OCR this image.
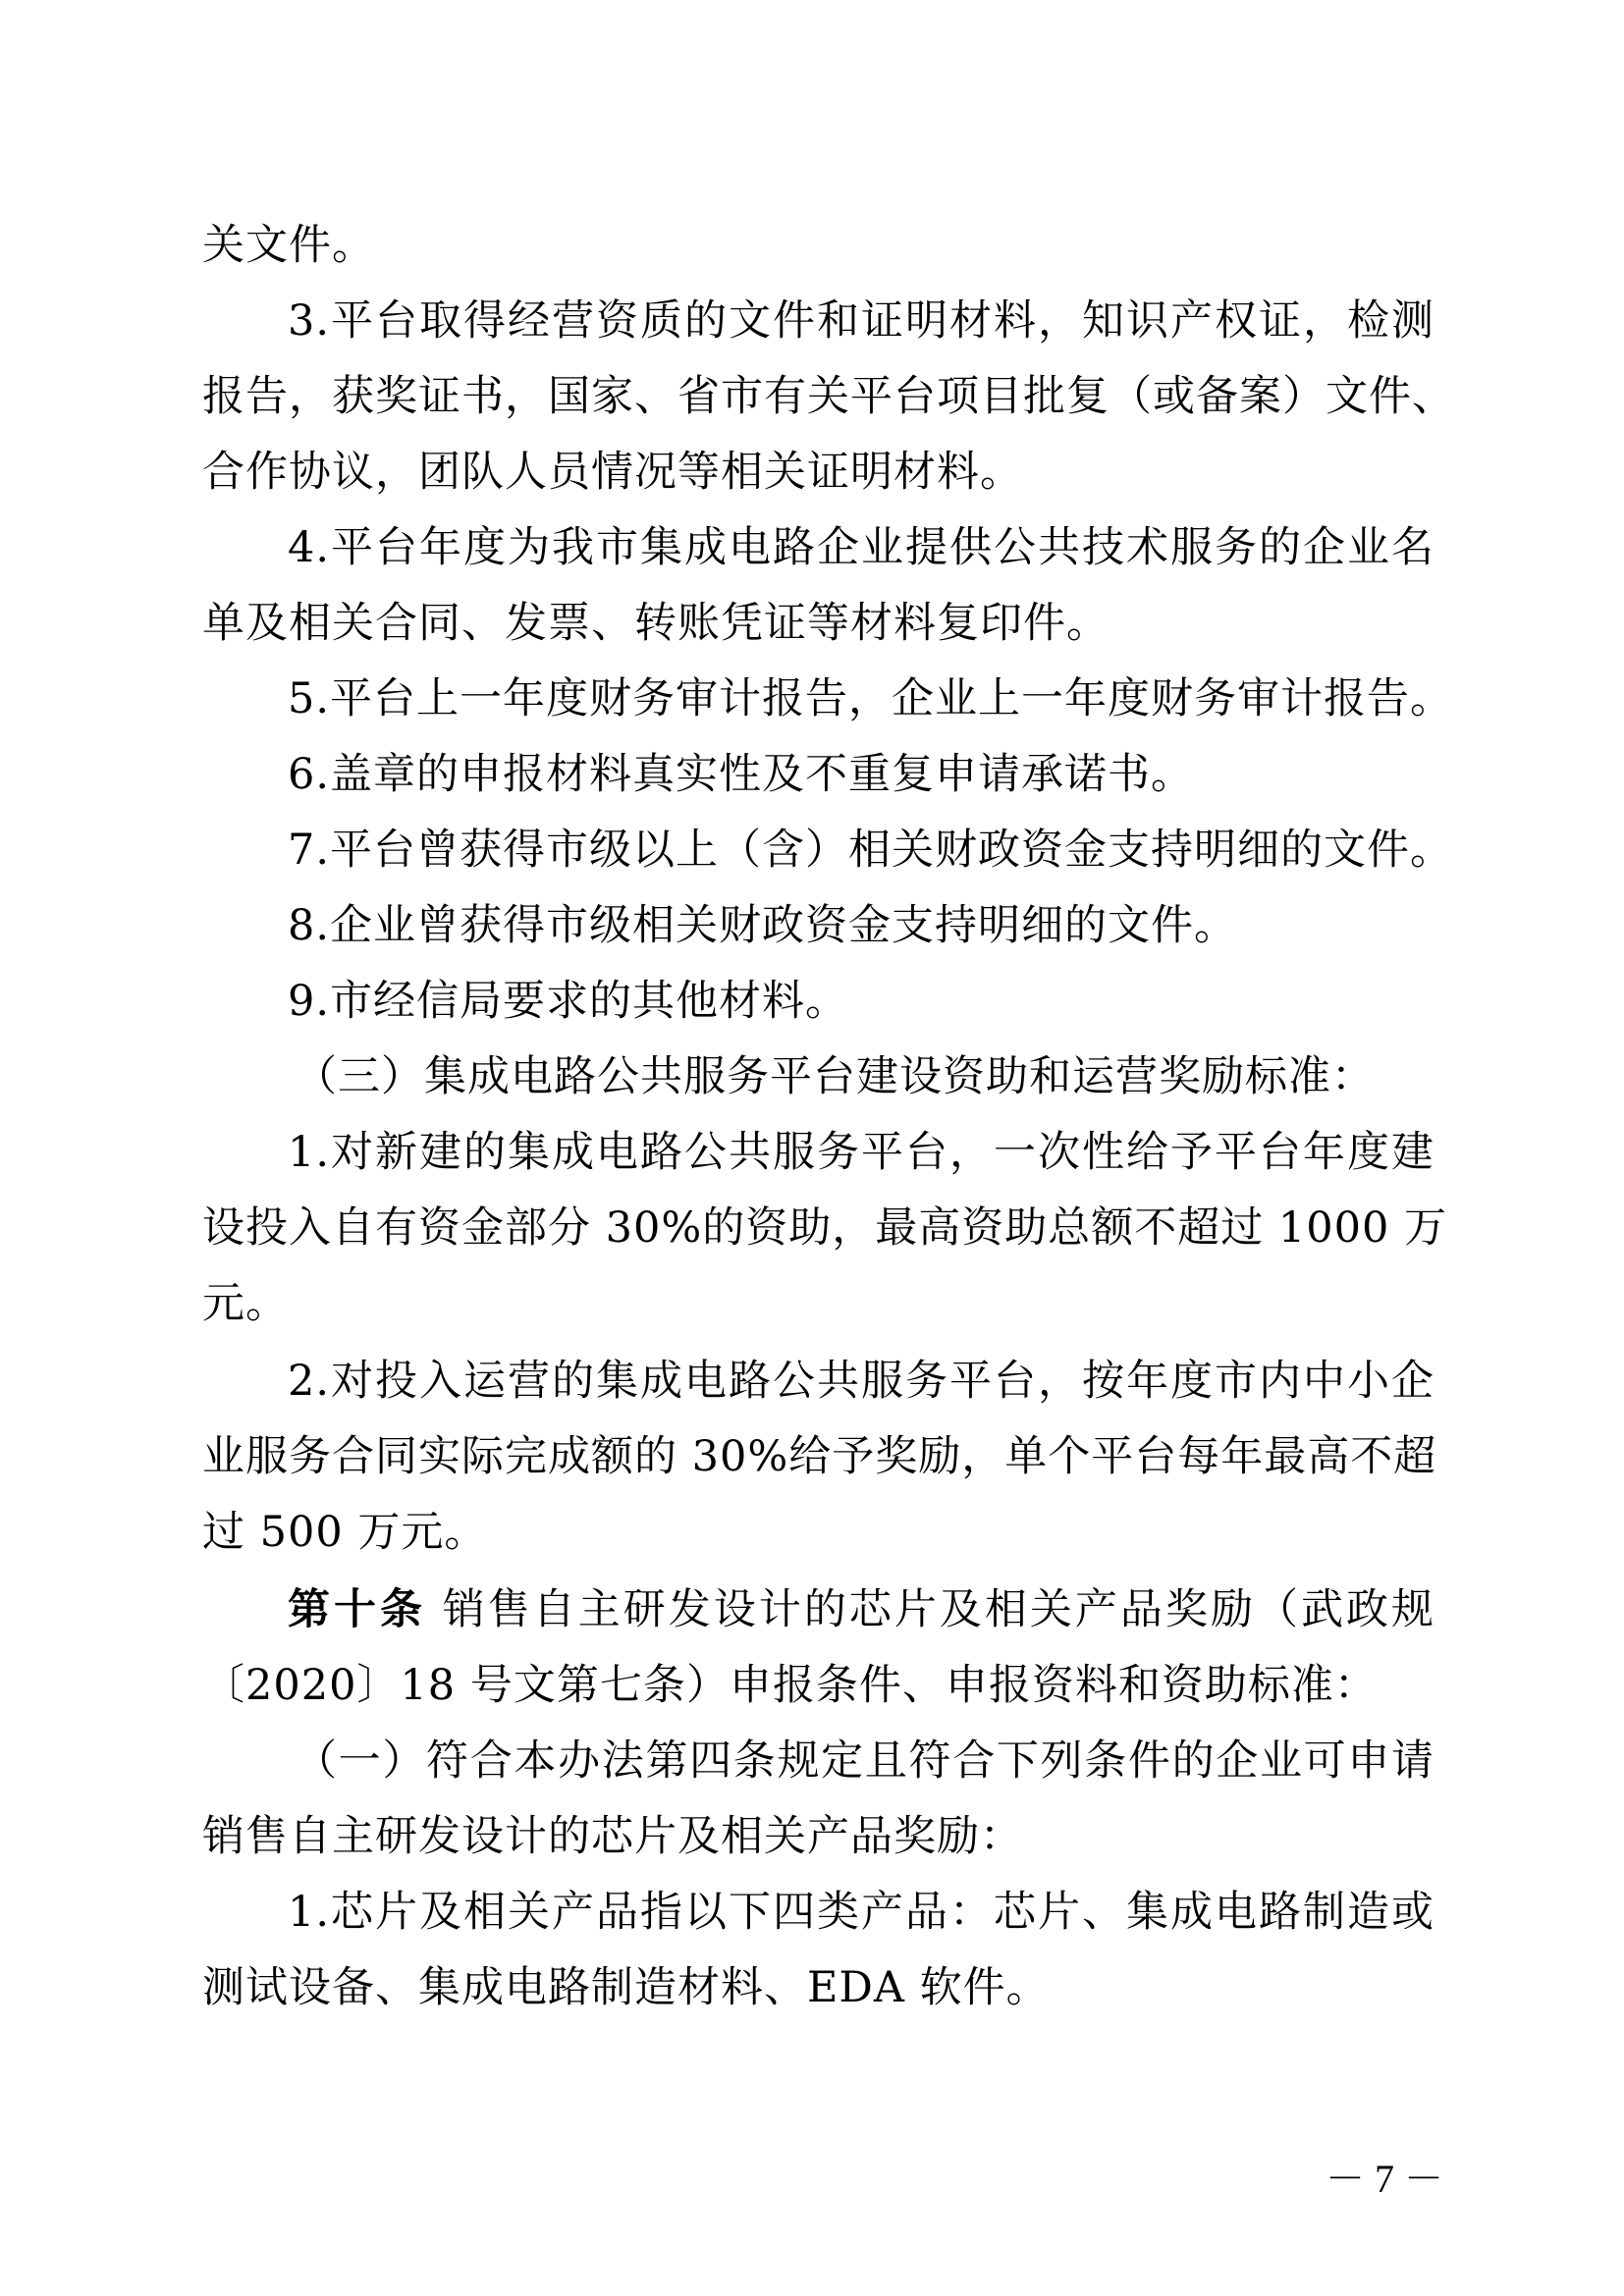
关文件。
3.平台取得经营资质的文件和证明材料，知识产权证，检测
报告，获奖证书，国家、省市有关平台项目批复（或备案）文件、
合作协议，团队人员情况等相关证明材料。
4.平台年度为我市集成电路企业提供公共技术服务的企业名
单及相关合同、发票、转账凭证等材料复印件。
5.平台上一年度财务审计报告，企业上一年度财务审计报告。
6.盖章的申报材料真实性及不重复申请承诺书。
7.平台曾获得市级以上（含）相关财政资金支持明细的文件。
8.企业曾获得市级相关财政资金支持明细的文件。
9.市经信局要求的其他材料。
（三）集成电路公共服务平台建设资助和运营奖励标准：
1.对新建的集成电路公共服务平台，一次性给予平台年度建
设投入自有资金部分 30%的资助，最高资助总额不超过 1000 万
元。
2.对投入运营的集成电路公共服务平台，按年度市内中小企
业服务合同实际完成额的 30%给予奖励，单个平台每年最高不超
过 500 万元。
第十条 销售自主研发设计的芯片及相关产品奖励（武政规
〔2020〕18 号文第七条）申报条件、申报资料和资助标准：
（一）符合本办法第四条规定且符合下列条件的企业可申请
销售自主研发设计的芯片及相关产品奖励：
1.芯片及相关产品指以下四类产品：芯片、集成电路制造或
测试设备、集成电路制造材料、EDA 软件。
－ 7 －
